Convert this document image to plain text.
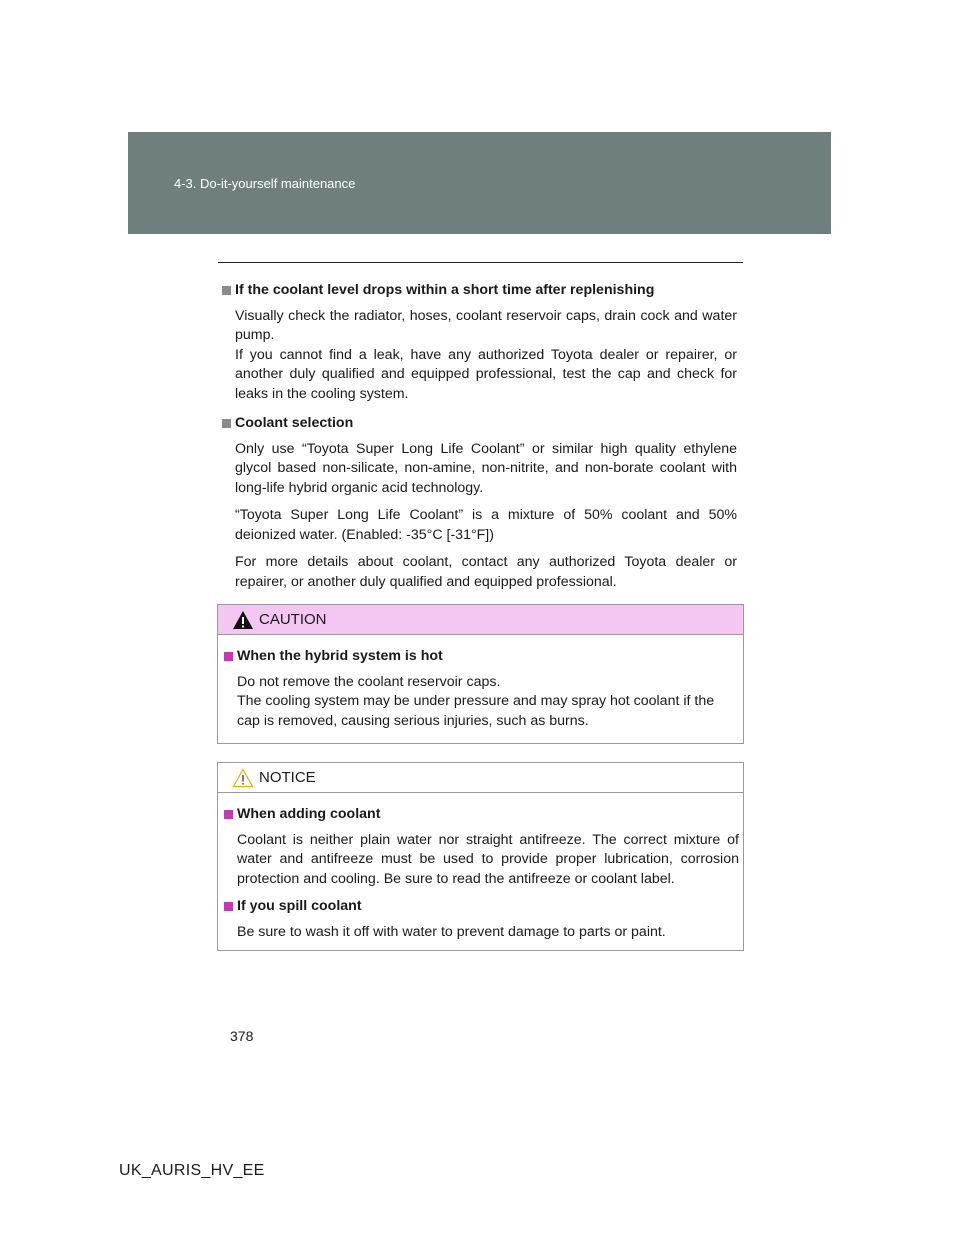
4-3. Do-it-yourself maintenance
If the coolant level drops within a short time after replenishing
Visually check the radiator, hoses, coolant reservoir caps, drain cock and water pump.
If you cannot find a leak, have any authorized Toyota dealer or repairer, or another duly qualified and equipped professional, test the cap and check for leaks in the cooling system.
Coolant selection
Only use “Toyota Super Long Life Coolant” or similar high quality ethylene glycol based non-silicate, non-amine, non-nitrite, and non-borate coolant with long-life hybrid organic acid technology.
“Toyota Super Long Life Coolant” is a mixture of 50% coolant and 50% deionized water. (Enabled: -35°C [-31°F])
For more details about coolant, contact any authorized Toyota dealer or repairer, or another duly qualified and equipped professional.
CAUTION
When the hybrid system is hot
Do not remove the coolant reservoir caps.
The cooling system may be under pressure and may spray hot coolant if the cap is removed, causing serious injuries, such as burns.
NOTICE
When adding coolant
Coolant is neither plain water nor straight antifreeze. The correct mixture of water and antifreeze must be used to provide proper lubrication, corrosion protection and cooling. Be sure to read the antifreeze or coolant label.
If you spill coolant
Be sure to wash it off with water to prevent damage to parts or paint.
378
UK_AURIS_HV_EE
